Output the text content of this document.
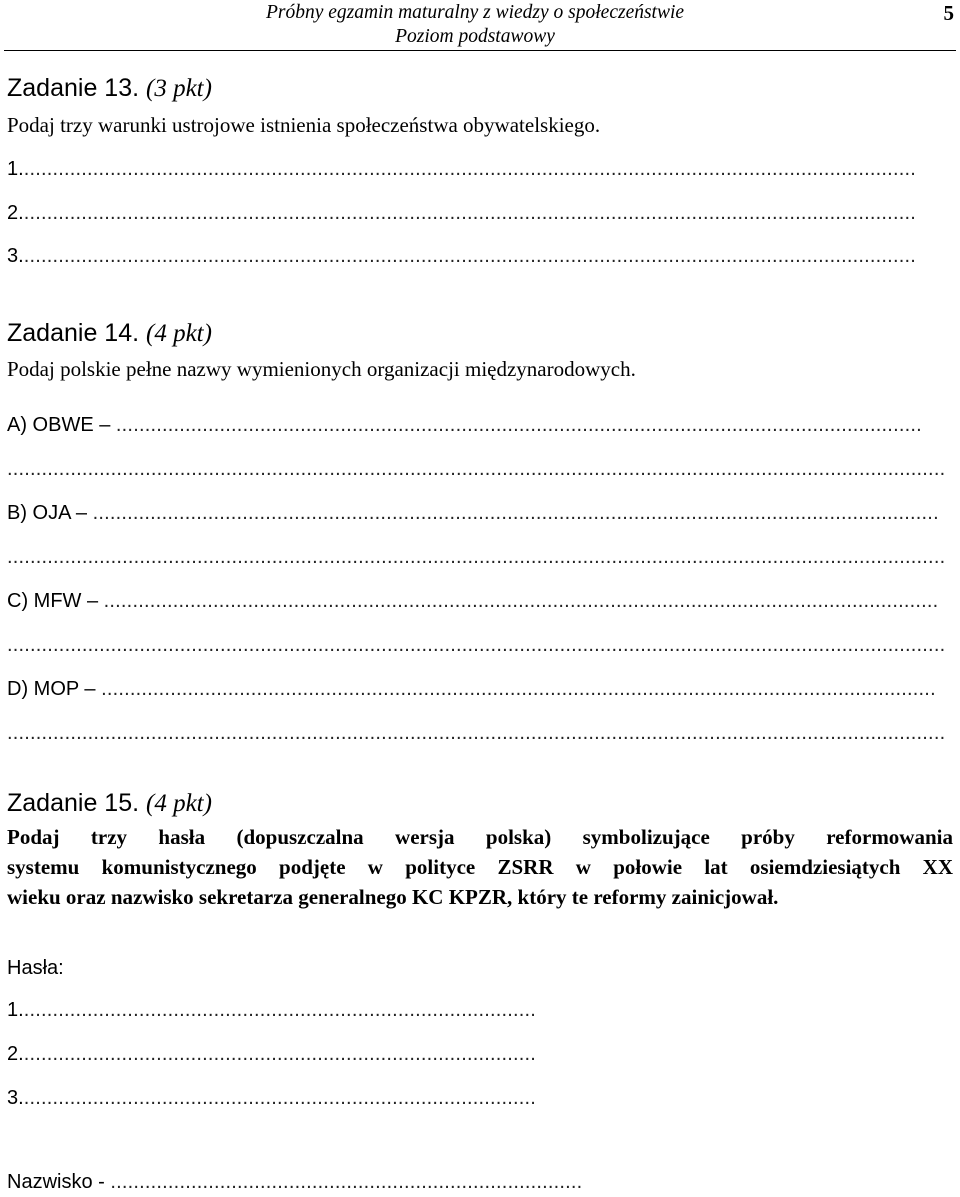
Próbny egzamin maturalny z wiedzy o społeczeństwie
Poziom podstawowy
5
Zadanie 13. (3 pkt)
Podaj trzy warunki ustrojowe istnienia społeczeństwa obywatelskiego.
1............................................................................................................................................................
2............................................................................................................................................................
3............................................................................................................................................................
Zadanie 14. (4 pkt)
Podaj polskie pełne nazwy wymienionych organizacji międzynarodowych.
A) OBWE – ............................................................................................................................................
...................................................................................................................................................................
B) OJA – ...................................................................................................................................................
...................................................................................................................................................................
C) MFW – .................................................................................................................................................
...................................................................................................................................................................
D) MOP – .................................................................................................................................................
...................................................................................................................................................................
Zadanie 15. (4 pkt)

Podaj trzy hasła (dopuszczalna wersja polska) symbolizujące próby reformowania

systemu komunistycznego podjęte w polityce ZSRR w połowie lat osiemdziesiątych XX

wieku oraz nazwisko sekretarza generalnego KC KPZR, który te reformy zainicjował.

Hasła:
1..........................................................................................
2..........................................................................................
3..........................................................................................
Nazwisko - ..................................................................................
